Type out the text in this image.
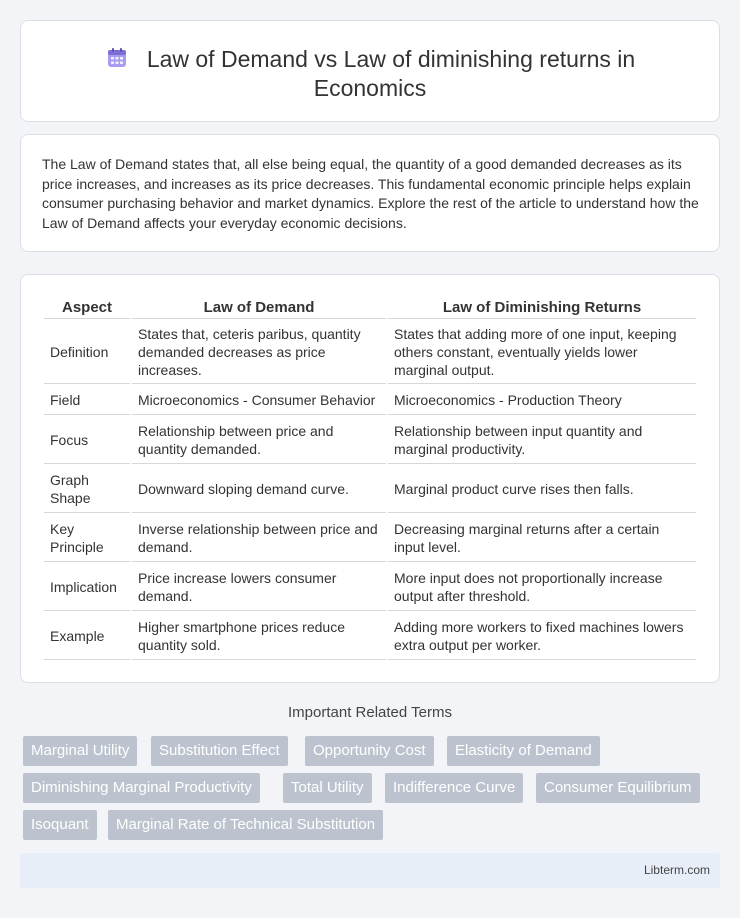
Law of Demand vs Law of diminishing returns in Economics

The Law of Demand states that, all else being equal, the quantity of a good demanded decreases as its price increases, and increases as its price decreases. This fundamental economic principle helps explain consumer purchasing behavior and market dynamics. Explore the rest of the article to understand how the Law of Demand affects your everyday economic decisions.

Aspect	Law of Demand	Law of Diminishing Returns
Definition	States that, ceteris paribus, quantity demanded decreases as price increases.	States that adding more of one input, keeping others constant, eventually yields lower marginal output.
Field	Microeconomics - Consumer Behavior	Microeconomics - Production Theory
Focus	Relationship between price and quantity demanded.	Relationship between input quantity and marginal productivity.
Graph Shape	Downward sloping demand curve.	Marginal product curve rises then falls.
Key Principle	Inverse relationship between price and demand.	Decreasing marginal returns after a certain input level.
Implication	Price increase lowers consumer demand.	More input does not proportionally increase output after threshold.
Example	Higher smartphone prices reduce quantity sold.	Adding more workers to fixed machines lowers extra output per worker.
Important Related Terms
Marginal Utility	Substitution Effect	Opportunity Cost	Elasticity of Demand
Diminishing Marginal Productivity	Total Utility	Indifference Curve	Consumer Equilibrium
Isoquant	Marginal Rate of Technical Substitution
Libterm.com
